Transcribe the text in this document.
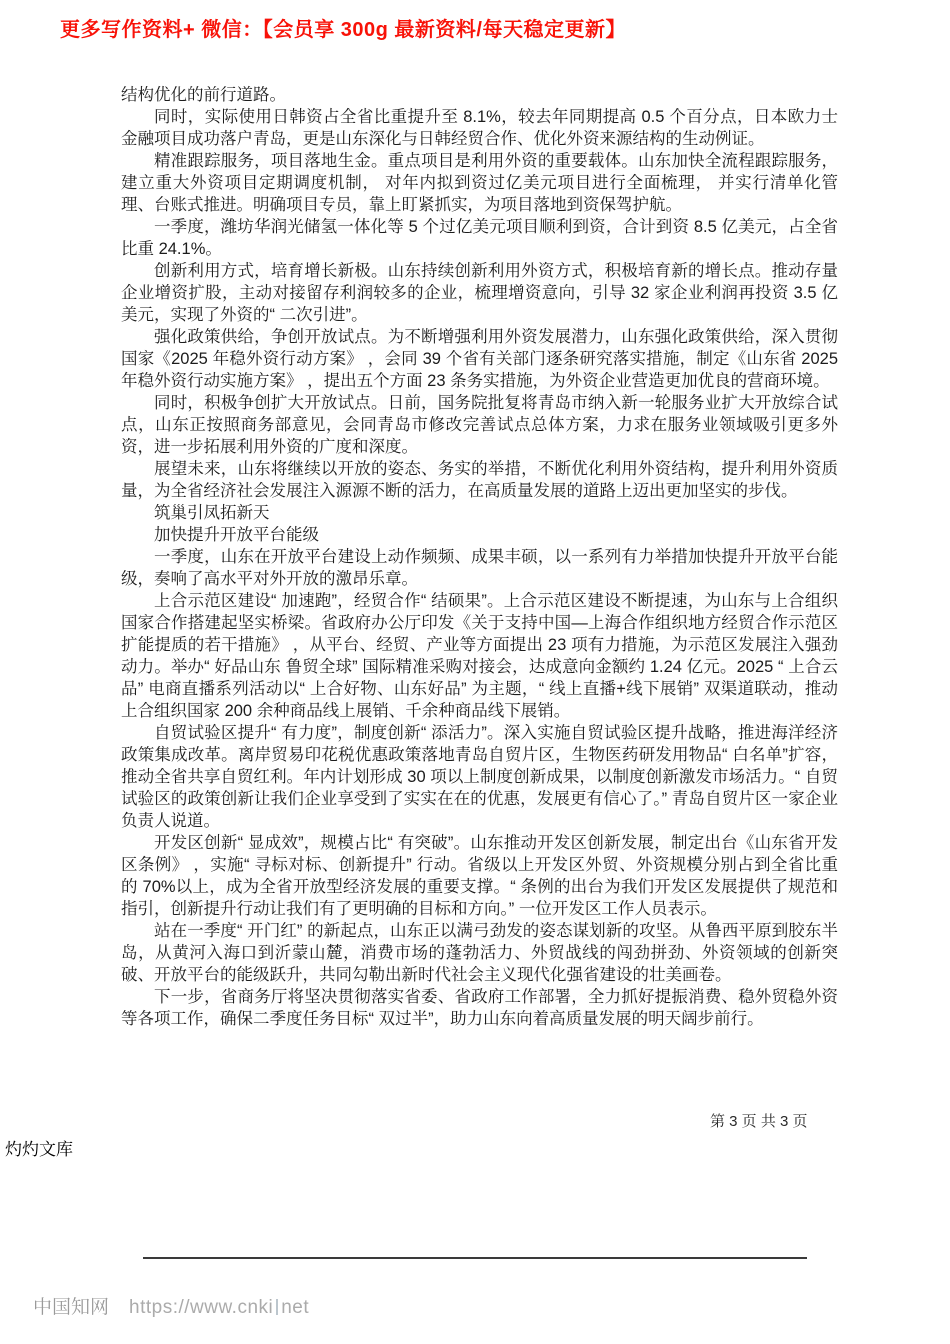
更多写作资料+ 微信：【会员享 300g 最新资料/每天稳定更新】

结构优化的前行道路。

同时，实际使用日韩资占全省比重提升至 8.1%，较去年同期提高 0.5 个百分点，日本欧力士金融项目成功落户青岛，更是山东深化与日韩经贸合作、优化外资来源结构的生动例证。

精准跟踪服务，项目落地生金。重点项目是利用外资的重要载体。山东加快全流程跟踪服务，建立重大外资项目定期调度机制， 对年内拟到资过亿美元项目进行全面梳理， 并实行清单化管理、台账式推进。明确项目专员，靠上盯紧抓实，为项目落地到资保驾护航。

一季度，潍坊华润光储氢一体化等 5 个过亿美元项目顺利到资，合计到资 8.5 亿美元，占全省比重 24.1%。

创新利用方式，培育增长新极。山东持续创新利用外资方式，积极培育新的增长点。推动存量企业增资扩股，主动对接留存利润较多的企业，梳理增资意向，引导 32 家企业利润再投资 3.5 亿美元，实现了外资的“ 二次引进”。

强化政策供给，争创开放试点。为不断增强利用外资发展潜力，山东强化政策供给，深入贯彻国家《2025 年稳外资行动方案》 ，会同 39 个省有关部门逐条研究落实措施，制定《山东省 2025 年稳外资行动实施方案》 ，提出五个方面 23 条务实措施，为外资企业营造更加优良的营商环境。

同时，积极争创扩大开放试点。日前，国务院批复将青岛市纳入新一轮服务业扩大开放综合试点，山东正按照商务部意见，会同青岛市修改完善试点总体方案，力求在服务业领域吸引更多外资，进一步拓展利用外资的广度和深度。

展望未来，山东将继续以开放的姿态、务实的举措，不断优化利用外资结构，提升利用外资质量，为全省经济社会发展注入源源不断的活力，在高质量发展的道路上迈出更加坚实的步伐。

筑巢引凤拓新天

加快提升开放平台能级

一季度，山东在开放平台建设上动作频频、成果丰硕，以一系列有力举措加快提升开放平台能级，奏响了高水平对外开放的激昂乐章。

上合示范区建设“ 加速跑”，经贸合作“ 结硕果”。上合示范区建设不断提速，为山东与上合组织国家合作搭建起坚实桥梁。省政府办公厅印发《关于支持中国—上海合作组织地方经贸合作示范区扩能提质的若干措施》 ，从平台、经贸、产业等方面提出 23 项有力措施，为示范区发展注入强劲动力。举办“ 好品山东 鲁贸全球” 国际精准采购对接会，达成意向金额约 1.24 亿元。2025 “ 上合云品” 电商直播系列活动以“ 上合好物、山东好品” 为主题，“ 线上直播+线下展销” 双渠道联动，推动上合组织国家 200 余种商品线上展销、千余种商品线下展销。

自贸试验区提升“ 有力度”，制度创新“ 添活力”。深入实施自贸试验区提升战略，推进海洋经济政策集成改革。离岸贸易印花税优惠政策落地青岛自贸片区，生物医药研发用物品“ 白名单”扩容，推动全省共享自贸红利。年内计划形成 30 项以上制度创新成果，以制度创新激发市场活力。“ 自贸试验区的政策创新让我们企业享受到了实实在在的优惠，发展更有信心了。” 青岛自贸片区一家企业负责人说道。

开发区创新“ 显成效”，规模占比“ 有突破”。山东推动开发区创新发展，制定出台《山东省开发区条例》 ，实施“ 寻标对标、创新提升” 行动。省级以上开发区外贸、外资规模分别占到全省比重的 70%以上，成为全省开放型经济发展的重要支撑。“ 条例的出台为我们开发区发展提供了规范和指引，创新提升行动让我们有了更明确的目标和方向。” 一位开发区工作人员表示。

站在一季度“ 开门红” 的新起点，山东正以满弓劲发的姿态谋划新的攻坚。从鲁西平原到胶东半岛，从黄河入海口到沂蒙山麓，消费市场的蓬勃活力、外贸战线的闯劲拼劲、外资领域的创新突破、开放平台的能级跃升，共同勾勒出新时代社会主义现代化强省建设的壮美画卷。

下一步，省商务厅将坚决贯彻落实省委、省政府工作部署，全力抓好提振消费、稳外贸稳外资等各项工作，确保二季度任务目标“ 双过半”，助力山东向着高质量发展的明天阔步前行。

第 3 页 共 3 页
灼灼文库
中国知网 https://www.cnki net
